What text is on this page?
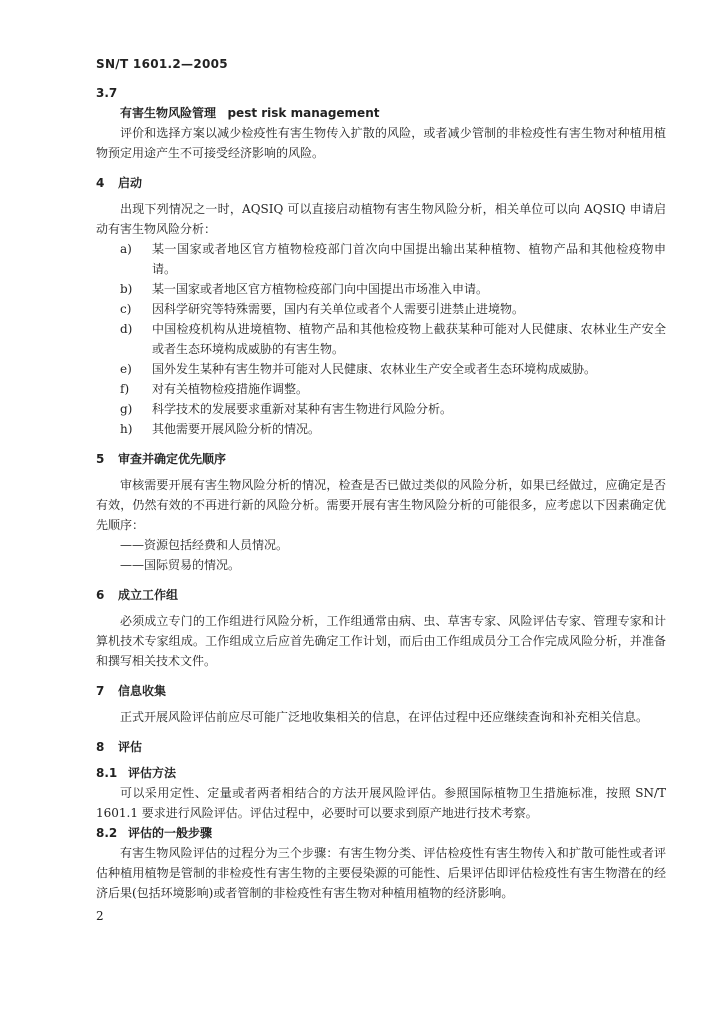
SN/T 1601.2—2005
3.7
有害生物风险管理 pest risk management
评价和选择方案以减少检疫性有害生物传入扩散的风险，或者减少管制的非检疫性有害生物对种植用植物预定用途产生不可接受经济影响的风险。
4 启动
出现下列情况之一时，AQSIQ 可以直接启动植物有害生物风险分析，相关单位可以向 AQSIQ 申请启动有害生物风险分析：
a)	某一国家或者地区官方植物检疫部门首次向中国提出输出某种植物、植物产品和其他检疫物申请。
b)	某一国家或者地区官方植物检疫部门向中国提出市场准入申请。
c)	因科学研究等特殊需要，国内有关单位或者个人需要引进禁止进境物。
d)	中国检疫机构从进境植物、植物产品和其他检疫物上截获某种可能对人民健康、农林业生产安全或者生态环境构成威胁的有害生物。
e)	国外发生某种有害生物并可能对人民健康、农林业生产安全或者生态环境构成威胁。
f)	对有关植物检疫措施作调整。
g)	科学技术的发展要求重新对某种有害生物进行风险分析。
h)	其他需要开展风险分析的情况。
5 审查并确定优先顺序
审核需要开展有害生物风险分析的情况，检查是否已做过类似的风险分析，如果已经做过，应确定是否有效，仍然有效的不再进行新的风险分析。需要开展有害生物风险分析的可能很多，应考虑以下因素确定优先顺序：
——资源包括经费和人员情况。
——国际贸易的情况。
6 成立工作组
必须成立专门的工作组进行风险分析，工作组通常由病、虫、草害专家、风险评估专家、管理专家和计算机技术专家组成。工作组成立后应首先确定工作计划，而后由工作组成员分工合作完成风险分析，并准备和撰写相关技术文件。
7 信息收集
正式开展风险评估前应尽可能广泛地收集相关的信息，在评估过程中还应继续查询和补充相关信息。
8 评估
8.1 评估方法
可以采用定性、定量或者两者相结合的方法开展风险评估。参照国际植物卫生措施标准，按照 SN/T 1601.1 要求进行风险评估。评估过程中，必要时可以要求到原产地进行技术考察。
8.2 评估的一般步骤
有害生物风险评估的过程分为三个步骤：有害生物分类、评估检疫性有害生物传入和扩散可能性或者评估种植用植物是管制的非检疫性有害生物的主要侵染源的可能性、后果评估即评估检疫性有害生物潜在的经济后果(包括环境影响)或者管制的非检疫性有害生物对种植用植物的经济影响。
2
